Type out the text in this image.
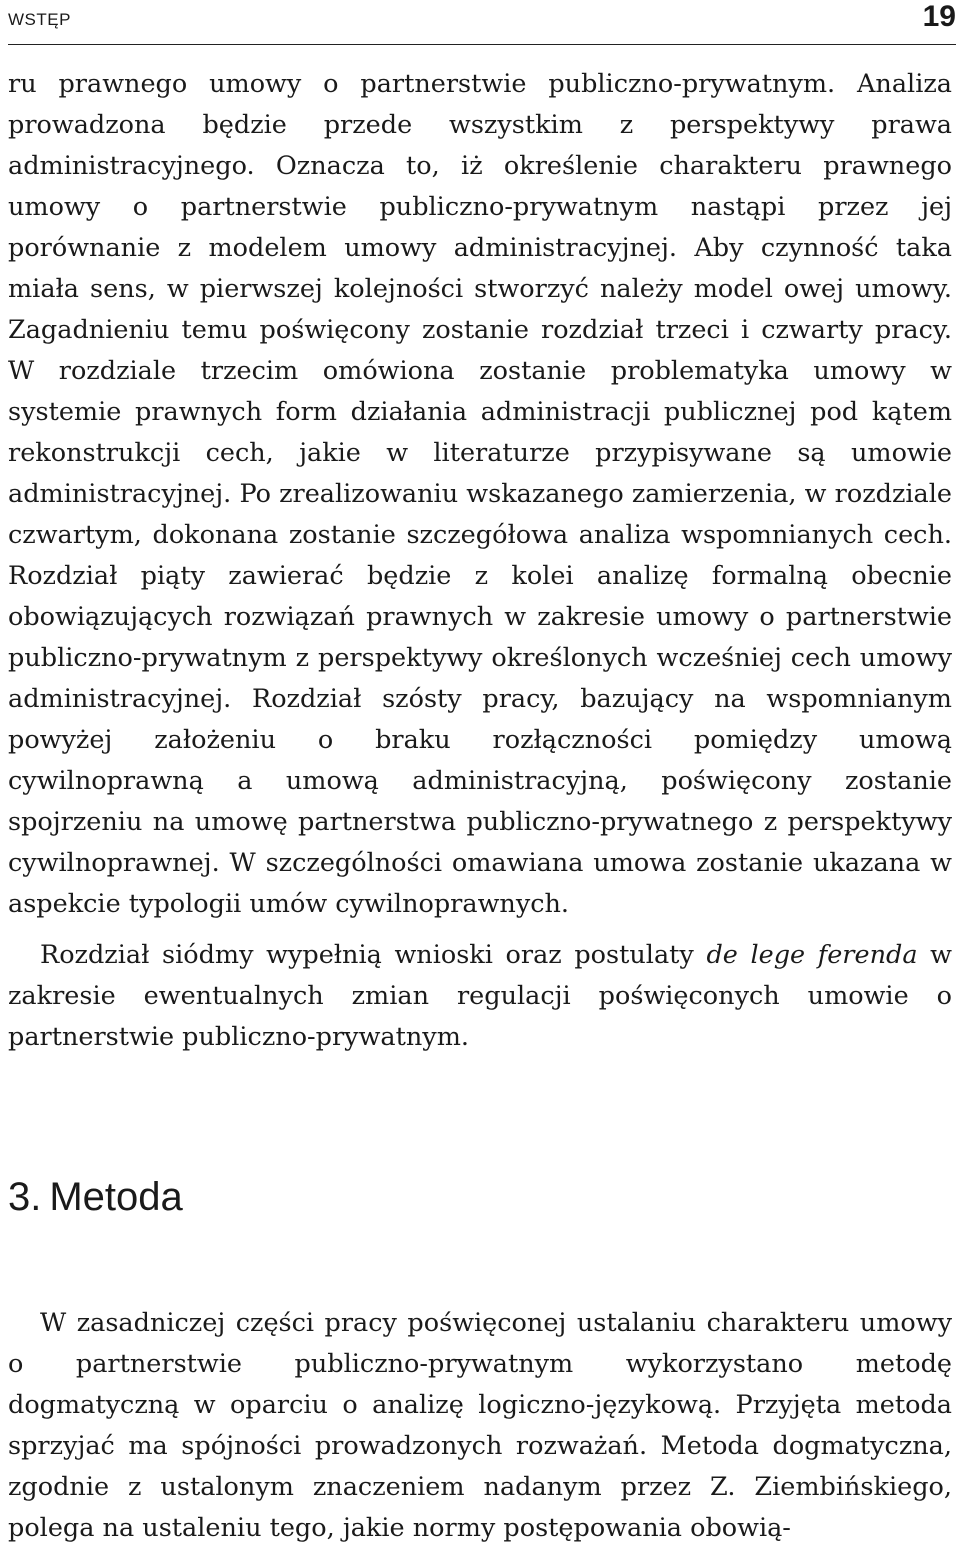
WSTĘP	19

ru prawnego umowy o partnerstwie publiczno-prywatnym. Analiza prowadzona będzie przede wszystkim z perspektywy prawa administracyjnego. Oznacza to, iż określenie charakteru prawnego umowy o partnerstwie publiczno-prywatnym nastąpi przez jej porównanie z modelem umowy administracyjnej. Aby czynność taka miała sens, w pierwszej kolejności stworzyć należy model owej umowy. Zagadnieniu temu poświęcony zostanie rozdział trzeci i czwarty pracy. W rozdziale trzecim omówiona zostanie problematyka umowy w systemie prawnych form działania administracji publicznej pod kątem rekonstrukcji cech, jakie w literaturze przypisywane są umowie administracyjnej. Po zrealizowaniu wskazanego zamierzenia, w rozdziale czwartym, dokonana zostanie szczegółowa analiza wspomnianych cech. Rozdział piąty zawierać będzie z kolei analizę formalną obecnie obowiązujących rozwiązań prawnych w zakresie umowy o partnerstwie publiczno-prywatnym z perspektywy określonych wcześniej cech umowy administracyjnej. Rozdział szósty pracy, bazujący na wspomnianym powyżej założeniu o braku rozłączności pomiędzy umową cywilnoprawną a umową administracyjną, poświęcony zostanie spojrzeniu na umowę partnerstwa publiczno-prywatnego z perspektywy cywilnoprawnej. W szczególności omawiana umowa zostanie ukazana w aspekcie typologii umów cywilnoprawnych.

Rozdział siódmy wypełnią wnioski oraz postulaty de lege ferenda w zakresie ewentualnych zmian regulacji poświęconych umowie o partnerstwie publiczno-prywatnym.

3. Metoda

W zasadniczej części pracy poświęconej ustalaniu charakteru umowy o partnerstwie publiczno-prywatnym wykorzystano metodę dogmatyczną w oparciu o analizę logiczno-językową. Przyjęta metoda sprzyjać ma spójności prowadzonych rozważań. Metoda dogmatyczna, zgodnie z ustalonym znaczeniem nadanym przez Z. Ziembińskiego, polega na ustaleniu tego, jakie normy postępowania obowią-
